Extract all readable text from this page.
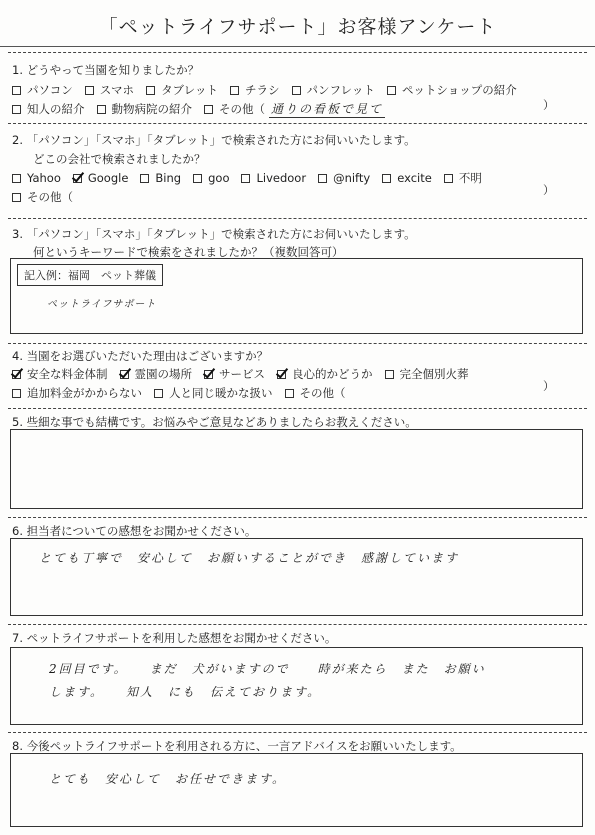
「ペットライフサポート」お客様アンケート
1. どうやって当園を知りましたか？
パソコン スマホ タブレット チラシ パンフレット ペットショップの紹介
知人の紹介 動物病院の紹介 その他（ 通りの看板で見て	）
2. 「パソコン」「スマホ」「タブレット」で検索された方にお伺いいたします。
どこの会社で検索されましたか？
Yahoo Google Bing goo Livedoor @nifty excite 不明
その他（	）
3. 「パソコン」「スマホ」「タブレット」で検索された方にお伺いいたします。
何というキーワードで検索をされましたか？（複数回答可）
記入例：福岡　ペット葬儀
ペットライフサポート
4. 当園をお選びいただいた理由はございますか？
安全な料金体制 霊園の場所 サービス 良心的かどうか 完全個別火葬
追加料金がかからない 人と同じ暖かな扱い その他（	）
5. 些細な事でも結構です。お悩みやご意見などありましたらお教えください。
6. 担当者についての感想をお聞かせください。
とても丁寧で　安心して　お願いすることができ　感謝しています
7. ペットライフサポートを利用した感想をお聞かせください。
2回目です。　　まだ　犬がいますので　　時が来たら　また　お願い
します。　　知人　にも　伝えております。
8. 今後ペットライフサポートを利用される方に、一言アドバイスをお願いいたします。
とても　安心して　お任せできます。
